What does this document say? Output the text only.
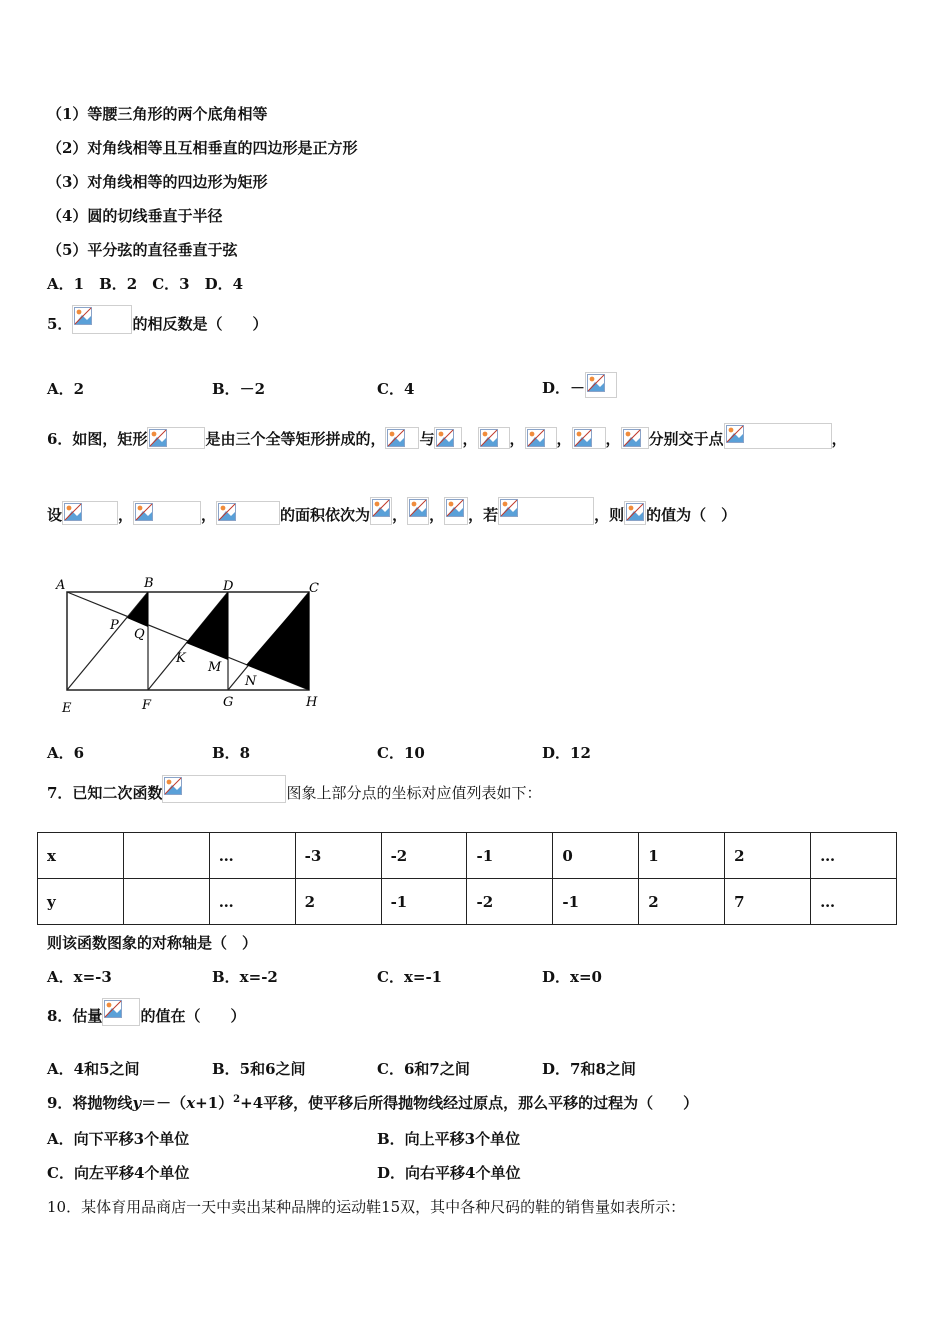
（1）等腰三角形的两个底角相等
（2）对角线相等且互相垂直的四边形是正方形
（3）对角线相等的四边形为矩形
（4）圆的切线垂直于半径
（5）平分弦的直径垂直于弦
A．1　B．2　C．3　D．4
5．	的相反数是（　　）
A．2	B．－2	C．4	D．－
6．如图，矩形	是由三个全等矩形拼成的， 与 ， ， ， ， 分别交于点	，
设	，	，	的面积依次为 ， ， ，若	，则 的值为（　）
A	B	D	C
P
Q
K
M
N
E	F	G	H
A．6	B．8	C．10	D．12
7．已知二次函数	图象上部分点的坐标对应值列表如下：
x		…	-3	-2	-1	0	1	2	…
y		…	2	-1	-2	-1	2	7	…
则该函数图象的对称轴是（　）
A．x=-3	B．x=-2	C．x=-1	D．x=0
8．估量	的值在（　　）
A．4和5之间	B．5和6之间	C．6和7之间	D．7和8之间
9．将抛物线$y=-(x+1)^2+4$平移，使平移后所得抛物线经过原点，那么平移的过程为（　　）
A．向下平移3个单位	B．向上平移3个单位
C．向左平移4个单位	D．向右平移4个单位
10．某体育用品商店一天中卖出某种品牌的运动鞋15双，其中各种尺码的鞋的销售量如表所示：
